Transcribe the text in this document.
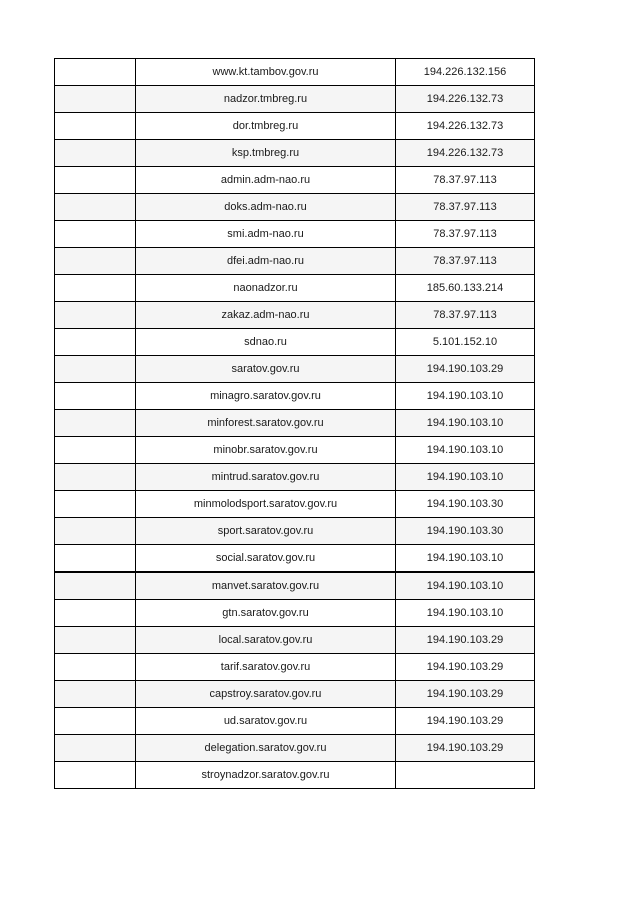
	www.kt.tambov.gov.ru	194.226.132.156
	nadzor.tmbreg.ru	194.226.132.73
	dor.tmbreg.ru	194.226.132.73
	ksp.tmbreg.ru	194.226.132.73
	admin.adm-nao.ru	78.37.97.113
	doks.adm-nao.ru	78.37.97.113
	smi.adm-nao.ru	78.37.97.113
	dfei.adm-nao.ru	78.37.97.113
	naonadzor.ru	185.60.133.214
	zakaz.adm-nao.ru	78.37.97.113
	sdnao.ru	5.101.152.10
	saratov.gov.ru	194.190.103.29
	minagro.saratov.gov.ru	194.190.103.10
	minforest.saratov.gov.ru	194.190.103.10
	minobr.saratov.gov.ru	194.190.103.10
	mintrud.saratov.gov.ru	194.190.103.10
	minmolodsport.saratov.gov.ru	194.190.103.30
	sport.saratov.gov.ru	194.190.103.30
	social.saratov.gov.ru	194.190.103.10
	manvet.saratov.gov.ru	194.190.103.10
	gtn.saratov.gov.ru	194.190.103.10
	local.saratov.gov.ru	194.190.103.29
	tarif.saratov.gov.ru	194.190.103.29
	capstroy.saratov.gov.ru	194.190.103.29
	ud.saratov.gov.ru	194.190.103.29
	delegation.saratov.gov.ru	194.190.103.29
	stroynadzor.saratov.gov.ru	
